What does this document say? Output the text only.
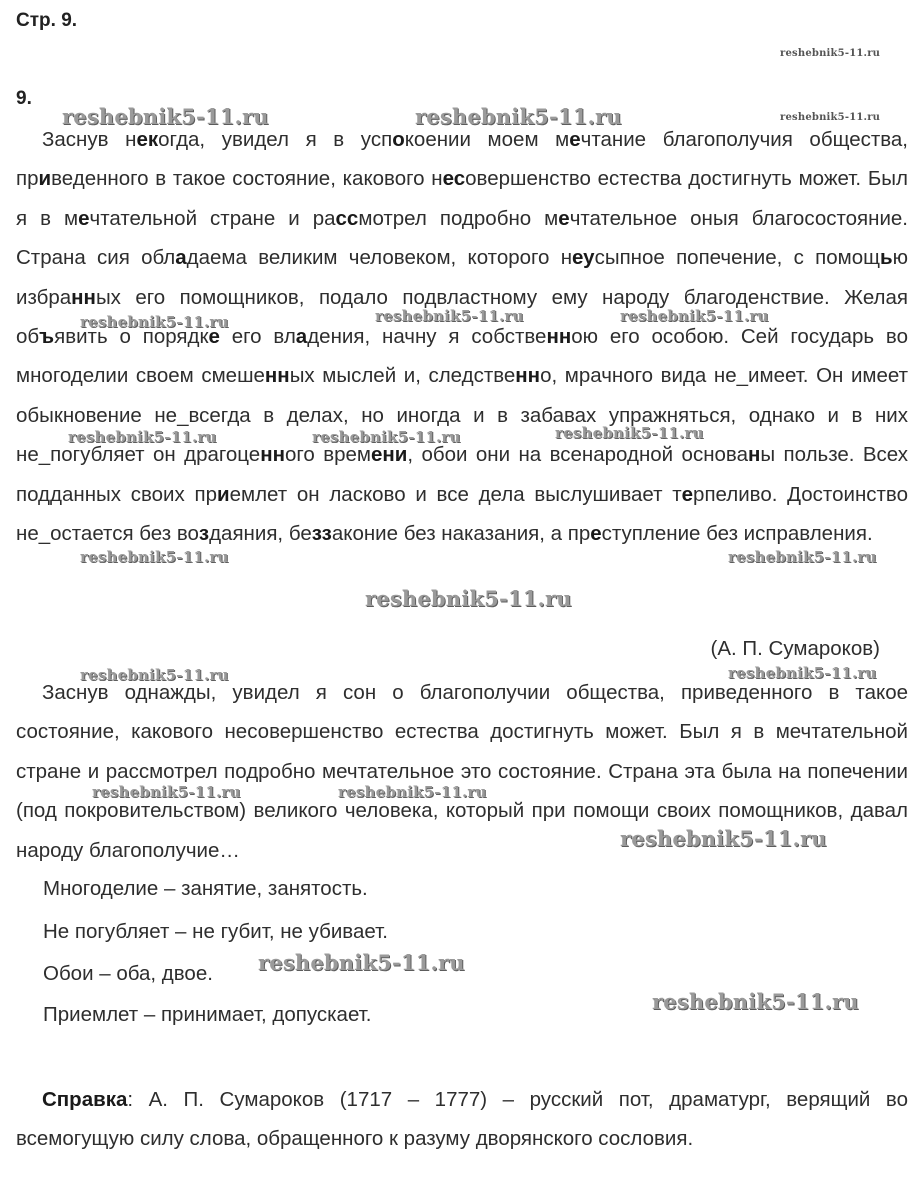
Стр. 9.
9.
Заснув некогда, увидел я в успокоении моем мечтание благополучия общества, приведенного в такое состояние, какового несовершенство естества достигнуть может. Был я в мечтательной стране и рассмотрел подробно мечтательное оныя благосостояние. Страна сия обладаема великим человеком, которого неусыпное попечение, с помощью избранных его помощников, подало подвластному ему народу благоденствие. Желая объявить о порядке его владения, начну я собственною его особою. Сей государь во многоделии своем смешенных мыслей и, следственно, мрачного вида не_имеет. Он имеет обыкновение не_всегда в делах, но иногда и в забавах упражняться, однако и в них не_погубляет он драгоценного времени, обои они на всенародной основаны пользе. Всех подданных своих приемлет он ласково и все дела выслушивает терпеливо. Достоинство не_остается без воздаяния, беззаконие без наказания, а преступление без исправления.
(А. П. Сумароков)
Заснув однажды, увидел я сон о благополучии общества, приведенного в такое состояние, какового несовершенство естества достигнуть может. Был я в мечтательной стране и рассмотрел подробно мечтательное это состояние. Страна эта была на попечении (под покровительством) великого человека, который при помощи своих помощников, давал народу благополучие…
Многоделие – занятие, занятость.
Не погубляет – не губит, не убивает.
Обои – оба, двое.
Приемлет – принимает, допускает.
Справка: А. П. Сумароков (1717 – 1777) – русский пот, драматург, верящий во всемогущую силу слова, обращенного к разуму дворянского сословия.
reshebnik5-11.ru
reshebnik5-11.ru
reshebnik5-11.ru	reshebnik5-11.ru
reshebnik5-11.ru	reshebnik5-11.ru	reshebnik5-11.ru
reshebnik5-11.ru	reshebnik5-11.ru	reshebnik5-11.ru
reshebnik5-11.ru	reshebnik5-11.ru
reshebnik5-11.ru
reshebnik5-11.ru	reshebnik5-11.ru
reshebnik5-11.ru	reshebnik5-11.ru
reshebnik5-11.ru
reshebnik5-11.ru
reshebnik5-11.ru
